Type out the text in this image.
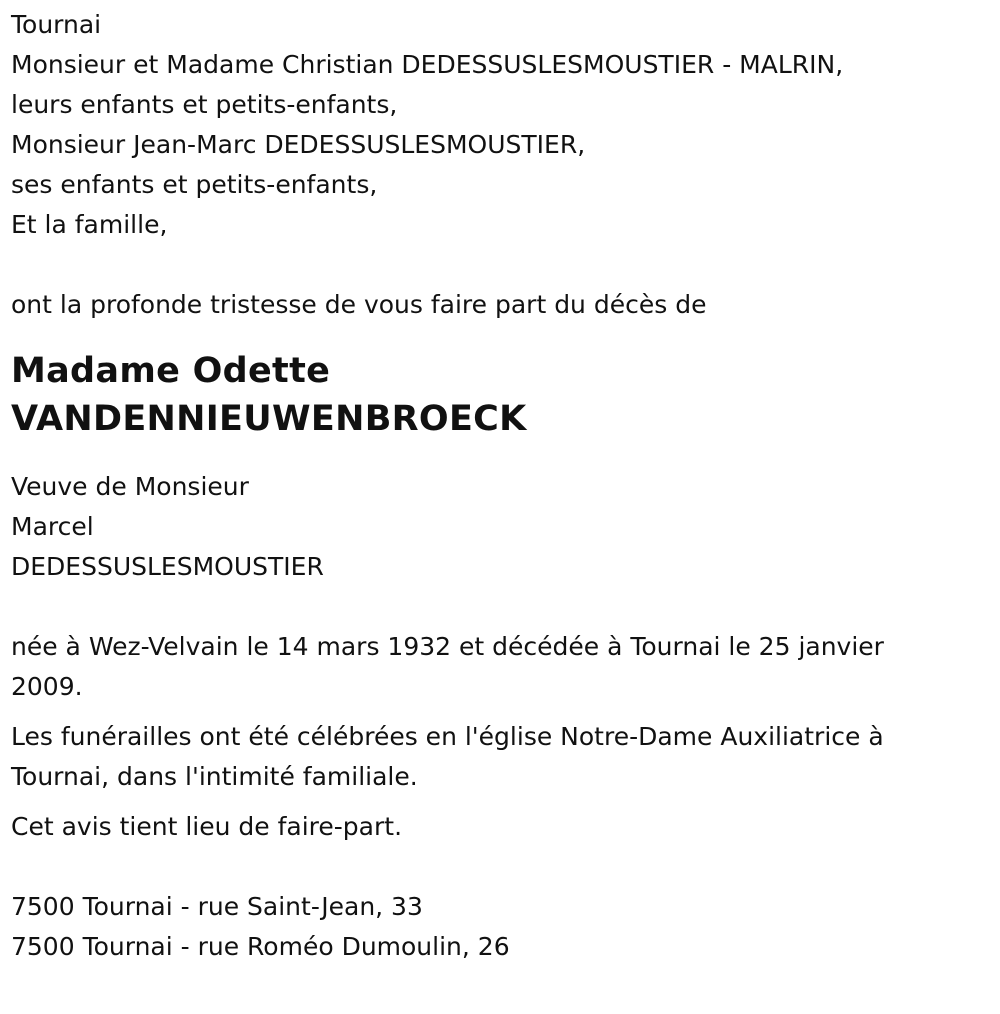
Tournai

Monsieur et Madame Christian DEDESSUSLESMOUSTIER - MALRIN,

leurs enfants et petits-enfants,

Monsieur Jean-Marc DEDESSUSLESMOUSTIER,

ses enfants et petits-enfants,

Et la famille,

ont la profonde tristesse de vous faire part du décès de

Madame Odette

VANDENNIEUWENBROECK

Veuve de Monsieur

Marcel

DEDESSUSLESMOUSTIER

née à Wez-Velvain le 14 mars 1932 et décédée à Tournai le 25 janvier 2009.

Les funérailles ont été célébrées en l'église Notre-Dame Auxiliatrice à Tournai, dans l'intimité familiale.

Cet avis tient lieu de faire-part.

7500 Tournai - rue Saint-Jean, 33

7500 Tournai - rue Roméo Dumoulin, 26
